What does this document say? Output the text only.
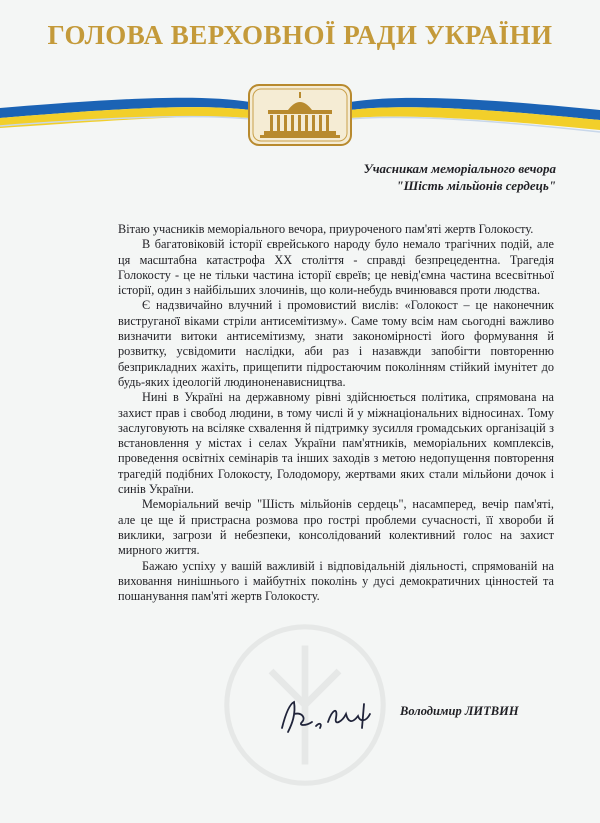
ГОЛОВА ВЕРХОВНОЇ РАДИ УКРАЇНИ
Учасникам меморіального вечора
"Шість мільйонів сердець"

Вітаю учасників меморіального вечора, приуроченого пам'яті жертв Голокосту.

В багатовіковій історії єврейського народу було немало трагічних подій, але ця масштабна катастрофа XX століття - справді безпрецедентна. Трагедія Голокосту - це не тільки частина історії євреїв; це невід'ємна частина всесвітньої історії, один з найбільших злочинів, що коли-небудь вчинювався проти людства.

Є надзвичайно влучний і промовистий вислів: «Голокост – це наконечник вистругано̄ї віками стріли антисемітизму». Саме тому всім нам сьогодні важливо визначити витоки антисемітизму, знати закономірності його формування й розвитку, усвідомити наслідки, аби раз і назавжди запобігти повторенню безприкладних жахіть, прищепити підростаючим поколінням стійкий імунітет до будь-яких ідеологій людиноненависництва.

Нині в Україні на державному рівні здійснюється політика, спрямована на захист прав і свобод людини, в тому числі й у міжнаціональних відносинах. Тому заслуговують на всіляке схвалення й підтримку зусилля громадських організацій з встановлення у містах і селах України пам'ятників, меморіальних комплексів, проведення освітніх семінарів та інших заходів з метою недопущення повторення трагедій подібних Голокосту, Голодомору, жертвами яких стали мільйони дочок і синів України.

Меморіальний вечір "Шість мільйонів сердець", насамперед, вечір пам'яті, але це ще й пристрасна розмова про гострі проблеми сучасності, її хвороби й виклики, загрози й небезпеки, консолідований колективний голос на захист мирного життя.

Бажаю успіху у вашій важливій і відповідальній діяльності, спрямованій на виховання нинішнього і майбутніх поколінь у дусі демократичних цінностей та пошанування пам'яті жертв Голокосту.

Володимир ЛИТВИН
